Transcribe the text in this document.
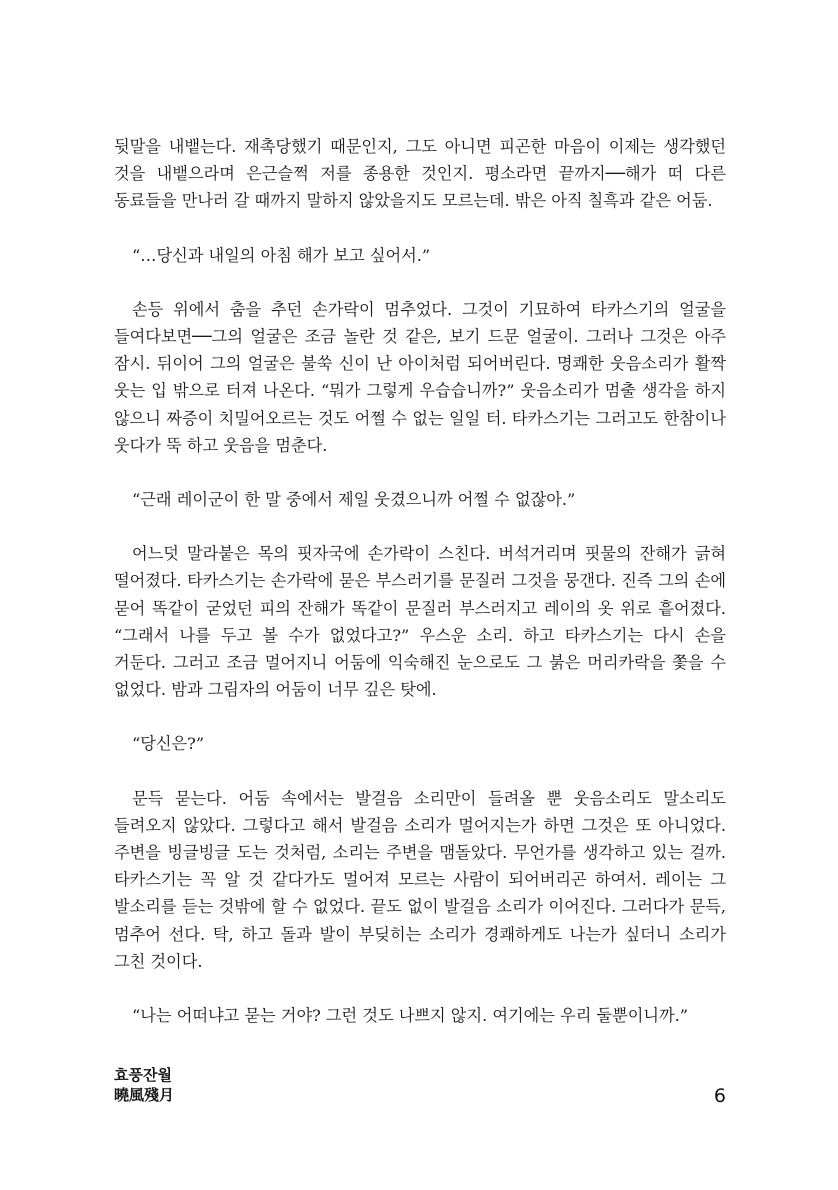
뒷말을 내뱉는다. 재촉당했기 때문인지, 그도 아니면 피곤한 마음이 이제는 생각했던 것을 내뱉으라며 은근슬쩍 저를 종용한 것인지. 평소라면 끝까지──해가 떠 다른 동료들을 만나러 갈 때까지 말하지 않았을지도 모르는데. 밖은 아직 칠흑과 같은 어둠.

“…당신과 내일의 아침 해가 보고 싶어서.”

손등 위에서 춤을 추던 손가락이 멈추었다. 그것이 기묘하여 타카스기의 얼굴을 들여다보면──그의 얼굴은 조금 놀란 것 같은, 보기 드문 얼굴이. 그러나 그것은 아주 잠시. 뒤이어 그의 얼굴은 불쑥 신이 난 아이처럼 되어버린다. 명쾌한 웃음소리가 활짝 웃는 입 밖으로 터져 나온다. “뭐가 그렇게 우습습니까?” 웃음소리가 멈출 생각을 하지 않으니 짜증이 치밀어오르는 것도 어쩔 수 없는 일일 터. 타카스기는 그러고도 한참이나 웃다가 뚝 하고 웃음을 멈춘다.

“근래 레이군이 한 말 중에서 제일 웃겼으니까 어쩔 수 없잖아.”

어느덧 말라붙은 목의 핏자국에 손가락이 스친다. 버석거리며 핏물의 잔해가 긁혀 떨어졌다. 타카스기는 손가락에 묻은 부스러기를 문질러 그것을 뭉갠다. 진즉 그의 손에 묻어 똑같이 굳었던 피의 잔해가 똑같이 문질러 부스러지고 레이의 옷 위로 흩어졌다. “그래서 나를 두고 볼 수가 없었다고?” 우스운 소리. 하고 타카스기는 다시 손을 거둔다. 그러고 조금 멀어지니 어둠에 익숙해진 눈으로도 그 붉은 머리카락을 쫓을 수 없었다. 밤과 그림자의 어둠이 너무 깊은 탓에.

“당신은?”

문득 묻는다. 어둠 속에서는 발걸음 소리만이 들려올 뿐 웃음소리도 말소리도 들려오지 않았다. 그렇다고 해서 발걸음 소리가 멀어지는가 하면 그것은 또 아니었다. 주변을 빙글빙글 도는 것처럼, 소리는 주변을 맴돌았다. 무언가를 생각하고 있는 걸까. 타카스기는 꼭 알 것 같다가도 멀어져 모르는 사람이 되어버리곤 하여서. 레이는 그 발소리를 듣는 것밖에 할 수 없었다. 끝도 없이 발걸음 소리가 이어진다. 그러다가 문득, 멈추어 선다. 탁, 하고 돌과 발이 부딪히는 소리가 경쾌하게도 나는가 싶더니 소리가 그친 것이다.

“나는 어떠냐고 묻는 거야? 그런 것도 나쁘지 않지. 여기에는 우리 둘뿐이니까.”

효풍잔월
曉風殘月	6
